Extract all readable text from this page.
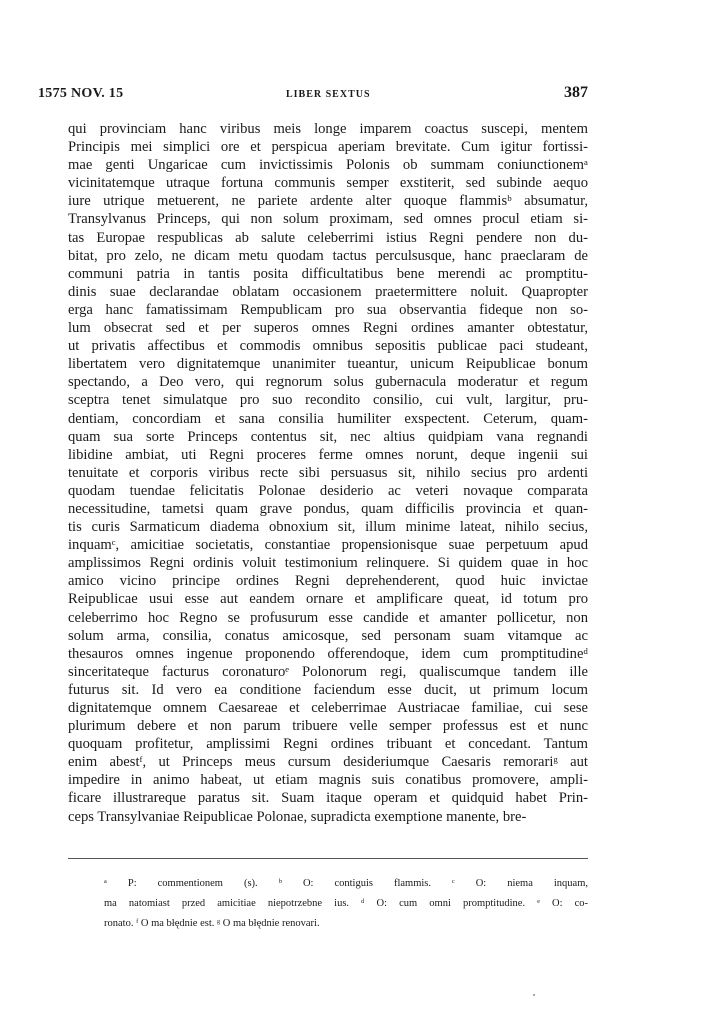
1575 NOV. 15	LIBER SEXTUS	387
qui provinciam hanc viribus meis longe imparem coactus suscepi, mentem
Principis mei simplici ore et perspicua aperiam brevitate. Cum igitur fortissi-
mae genti Ungaricae cum invictissimis Polonis ob summam coniunctionemᵃ
vicinitatemque utraque fortuna communis semper exstiterit, sed subinde aequo
iure utrique metuerent, ne pariete ardente alter quoque flammisᵇ absumatur,
Transylvanus Princeps, qui non solum proximam, sed omnes procul etiam si-
tas Europae respublicas ab salute celeberrimi istius Regni pendere non du-
bitat, pro zelo, ne dicam metu quodam tactus perculsusque, hanc praeclaram de
communi patria in tantis posita difficultatibus bene merendi ac promptitu-
dinis suae declarandae oblatam occasionem praetermittere noluit. Quapropter
erga hanc famatissimam Rempublicam pro sua observantia fideque non so-
lum obsecrat sed et per superos omnes Regni ordines amanter obtestatur,
ut privatis affectibus et commodis omnibus sepositis publicae paci studeant,
libertatem vero dignitatemque unanimiter tueantur, unicum Reipublicae bonum
spectando, a Deo vero, qui regnorum solus gubernacula moderatur et regum
sceptra tenet simulatque pro suo recondito consilio, cui vult, largitur, pru-
dentiam, concordiam et sana consilia humiliter exspectent. Ceterum, quam-
quam sua sorte Princeps contentus sit, nec altius quidpiam vana regnandi
libidine ambiat, uti Regni proceres ferme omnes norunt, deque ingenii sui
tenuitate et corporis viribus recte sibi persuasus sit, nihilo secius pro ardenti
quodam tuendae felicitatis Polonae desiderio ac veteri novaque comparata
necessitudine, tametsi quam grave pondus, quam difficilis provincia et quan-
tis curis Sarmaticum diadema obnoxium sit, illum minime lateat, nihilo secius,
inquamᶜ, amicitiae societatis, constantiae propensionisque suae perpetuum apud
amplissimos Regni ordinis voluit testimonium relinquere. Si quidem quae in hoc
amico vicino principe ordines Regni deprehenderent, quod huic invictae
Reipublicae usui esse aut eandem ornare et amplificare queat, id totum pro
celeberrimo hoc Regno se profusurum esse candide et amanter pollicetur, non
solum arma, consilia, conatus amicosque, sed personam suam vitamque ac
thesauros omnes ingenue proponendo offerendoque, idem cum promptitudineᵈ
sinceritateque facturus coronaturoᵉ Polonorum regi, qualiscumque tandem ille
futurus sit. Id vero ea conditione faciendum esse ducit, ut primum locum
dignitatemque omnem Caesareae et celeberrimae Austriacae familiae, cui sese
plurimum debere et non parum tribuere velle semper professus est et nunc
quoquam profitetur, amplissimi Regni ordines tribuant et concedant. Tantum
enim abestᶠ, ut Princeps meus cursum desideriumque Caesaris remorariᵍ aut
impedire in animo habeat, ut etiam magnis suis conatibus promovere, ampli-
ficare illustrareque paratus sit. Suam itaque operam et quidquid habet Prin-
ceps Transylvaniae Reipublicae Polonae, supradicta exemptione manente, bre-
ᵃ P: commentionem (s). ᵇ O: contiguis flammis. ᶜ O: niema inquam,
ma natomiast przed amicitiae niepotrzebne ius. ᵈ O: cum omni promptitudine. ᵉ O: co-
ronato. ᶠ O ma błędnie est. ᵍ O ma błędnie renovari.
